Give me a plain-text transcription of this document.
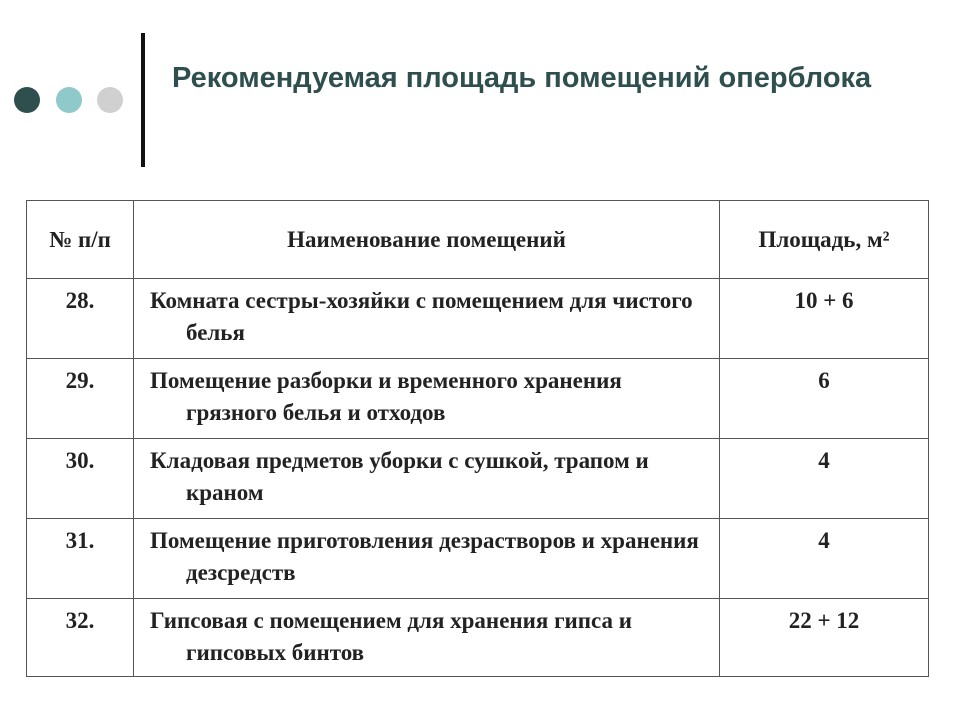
Рекомендуемая площадь помещений оперблока
№ п/п	Наименование помещений	Площадь, м²
28.	Комната сестры-хозяйки с помещением для чистого белья	10 + 6
29.	Помещение разборки и временного хранения грязного белья и отходов	6
30.	Кладовая предметов уборки с сушкой, трапом и краном	4
31.	Помещение приготовления дезрастворов и хранения дезсредств	4
32.	Гипсовая с помещением для хранения гипса и гипсовых бинтов	22 + 12
